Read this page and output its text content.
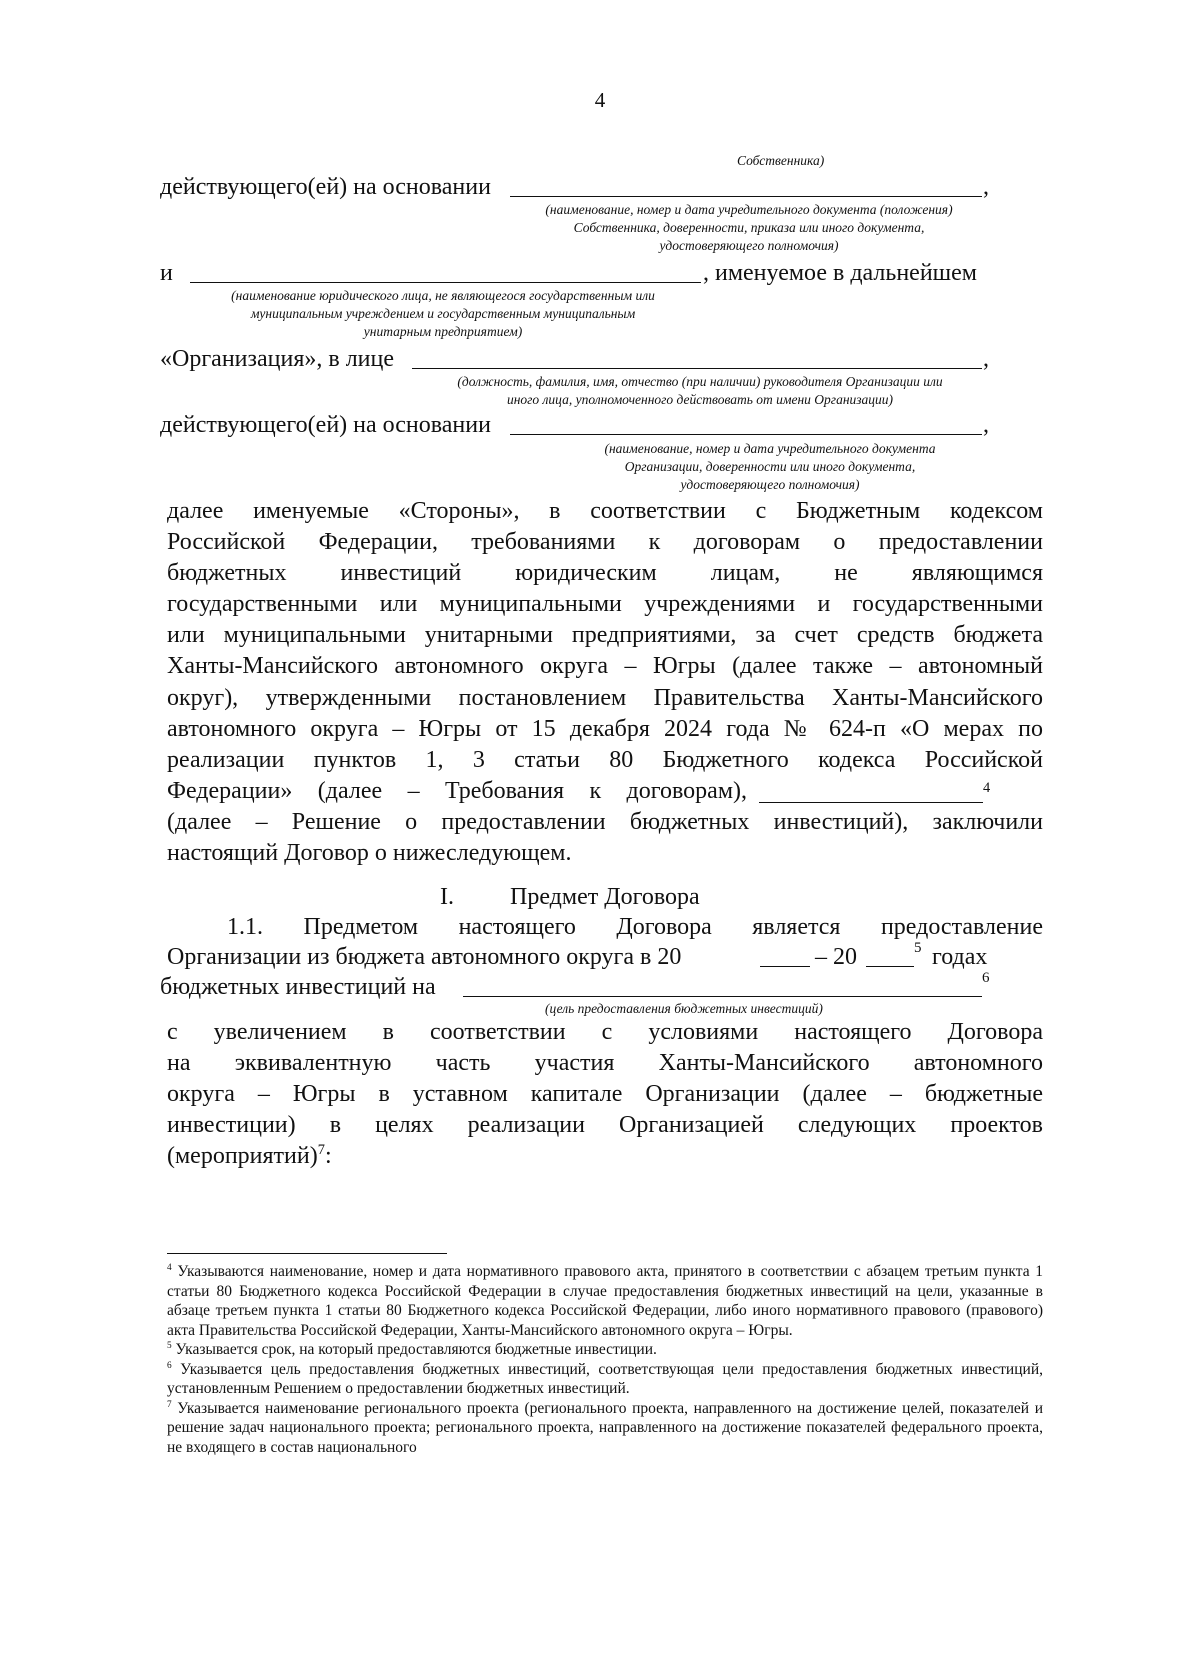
4
Собственника)
действующего(ей) на основании	,
(наименование, номер и дата учредительного документа (положения)
Собственника, доверенности, приказа или иного документа,
удостоверяющего полномочия)
и	, именуемое в дальнейшем
(наименование юридического лица, не являющегося государственным или
муниципальным учреждением и государственным муниципальным
унитарным предприятием)
«Организация», в лице	,
(должность, фамилия, имя, отчество (при наличии) руководителя Организации или
иного лица, уполномоченного действовать от имени Организации)
действующего(ей) на основании	,
(наименование, номер и дата учредительного документа
Организации, доверенности или иного документа,
удостоверяющего полномочия)
далее именуемые «Стороны», в соответствии с Бюджетным кодексом
Российской Федерации, требованиями к договорам о предоставлении
бюджетных инвестиций юридическим лицам, не являющимся
государственными или муниципальными учреждениями и государственными
или муниципальными унитарными предприятиями, за счет средств бюджета
Ханты-Мансийского автономного округа – Югры (далее также – автономный
округ), утвержденными постановлением Правительства Ханты-Мансийского
автономного округа – Югры от 15 декабря 2024 года № 624-п «О мерах по
реализации пунктов 1, 3 статьи 80 Бюджетного кодекса Российской
Федерации» (далее – Требования к договорам),	4
(далее – Решение о предоставлении бюджетных инвестиций), заключили
настоящий Договор о нижеследующем.
I. Предмет Договора
1.1. Предметом настоящего Договора является предоставление
Организации из бюджета автономного округа в 20	– 20	5 годах
бюджетных инвестиций на	6
(цель предоставления бюджетных инвестиций)
с увеличением в соответствии с условиями настоящего Договора
на эквивалентную часть участия Ханты-Мансийского автономного
округа – Югры в уставном капитале Организации (далее – бюджетные
инвестиции) в целях реализации Организацией следующих проектов
(мероприятий)$^7$:

$^4$ Указываются наименование, номер и дата нормативного правового акта, принятого в соответствии с абзацем третьим пункта 1 статьи 80 Бюджетного кодекса Российской Федерации в случае предоставления бюджетных инвестиций на цели, указанные в абзаце третьем пункта 1 статьи 80 Бюджетного кодекса Российской Федерации, либо иного нормативного правового (правового) акта Правительства Российской Федерации, Ханты-Мансийского автономного округа – Югры.

$^5$ Указывается срок, на который предоставляются бюджетные инвестиции.

$^6$ Указывается цель предоставления бюджетных инвестиций, соответствующая цели предоставления бюджетных инвестиций, установленным Решением о предоставлении бюджетных инвестиций.

$^7$ Указывается наименование регионального проекта (регионального проекта, направленного на достижение целей, показателей и решение задач национального проекта; регионального проекта, направленного на достижение показателей федерального проекта, не входящего в состав национального
